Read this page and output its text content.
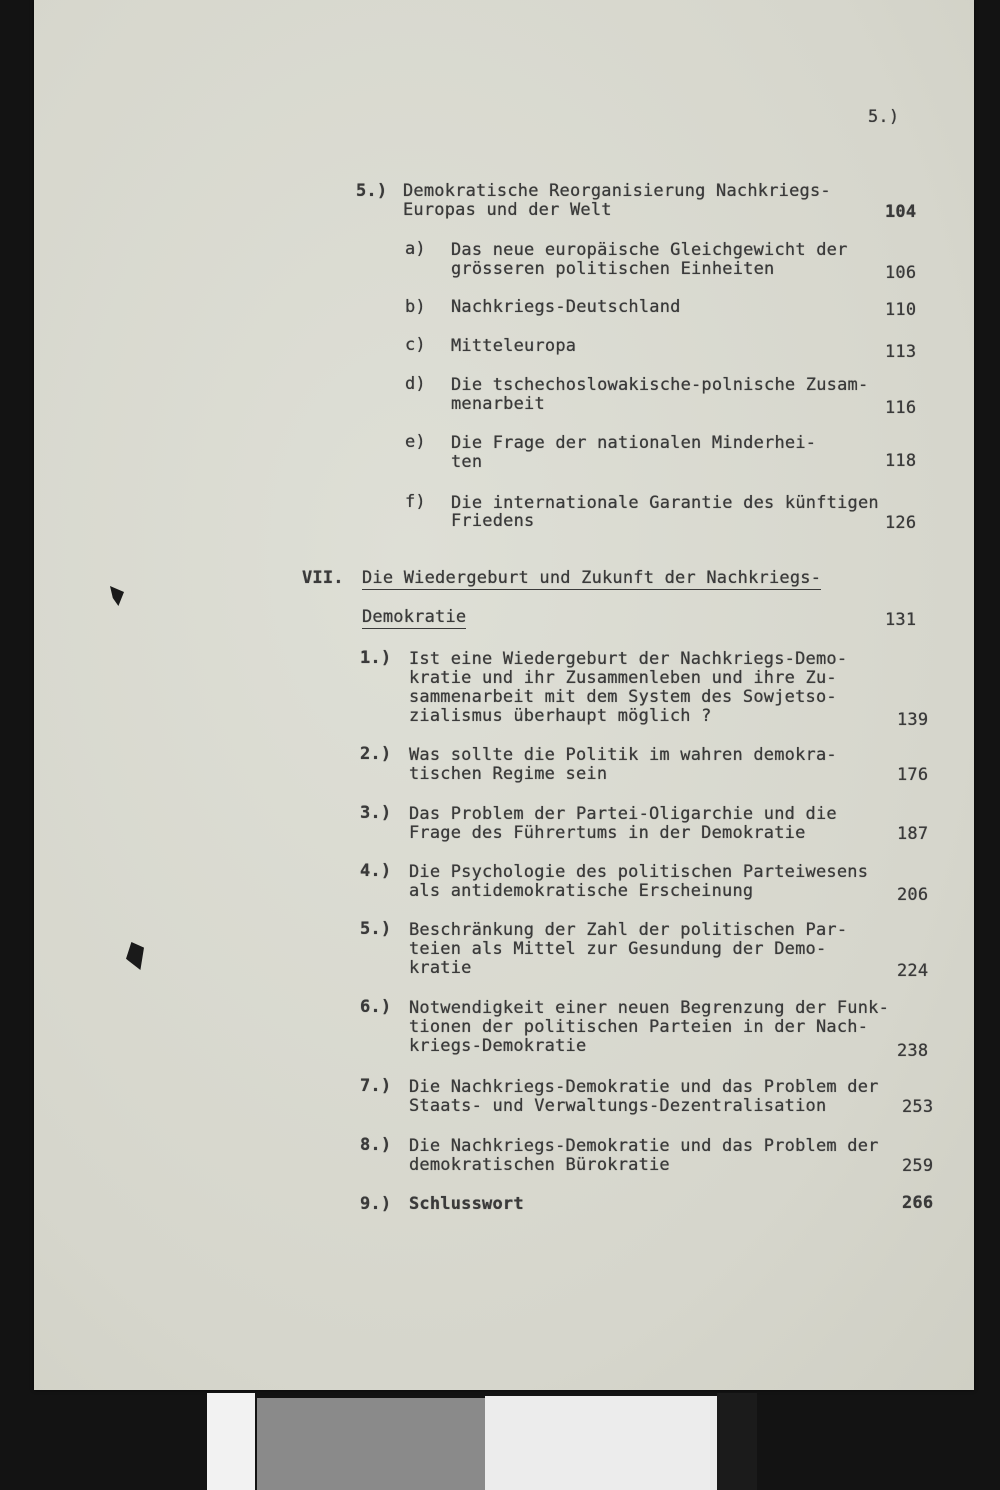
5.)
5.) Demokratische Reorganisierung Nachkriegs-
Europas und der Welt	104
a) Das neue europäische Gleichgewicht der
grösseren politischen Einheiten	106
b) Nachkriegs-Deutschland	110
c) Mitteleuropa	113
d) Die tschechoslowakische-polnische Zusam-
menarbeit	116
e) Die Frage der nationalen Minderhei-
ten	118
f) Die internationale Garantie des künftigen
Friedens	126
VII. Die Wiedergeburt und Zukunft der Nachkriegs-
Demokratie	131
1.) Ist eine Wiedergeburt der Nachkriegs-Demo-
kratie und ihr Zusammenleben und ihre Zu-
sammenarbeit mit dem System des Sowjetso-
zialismus überhaupt möglich ?	139
2.) Was sollte die Politik im wahren demokra-
tischen Regime sein	176
3.) Das Problem der Partei-Oligarchie und die
Frage des Führertums in der Demokratie	187
4.) Die Psychologie des politischen Parteiwesens
als antidemokratische Erscheinung	206
5.) Beschränkung der Zahl der politischen Par-
teien als Mittel zur Gesundung der Demo-
kratie	224
6.) Notwendigkeit einer neuen Begrenzung der Funk-
tionen der politischen Parteien in der Nach-
kriegs-Demokratie	238
7.) Die Nachkriegs-Demokratie und das Problem der
Staats- und Verwaltungs-Dezentralisation	253
8.) Die Nachkriegs-Demokratie und das Problem der
demokratischen Bürokratie	259
9.) Schlusswort	266
